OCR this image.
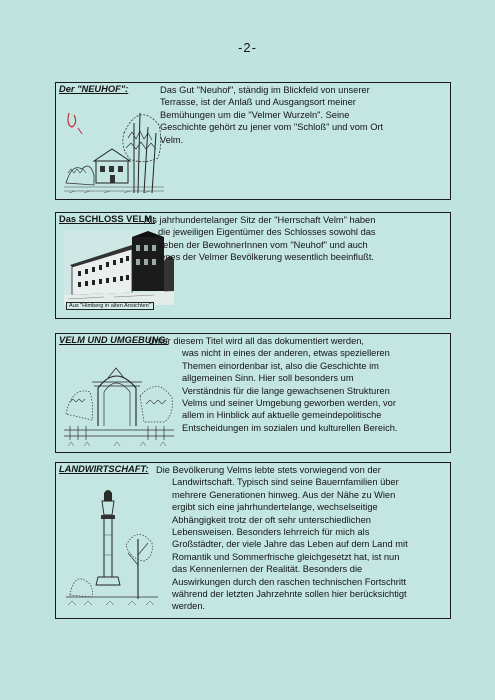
-2-

Der "NEUHOF":	Das Gut "Neuhof", ständig im Blickfeld von unserer
Terrasse, ist der Anlaß und Ausgangsort meiner
Bemühungen um die "Velmer Wurzeln". Seine
Geschichte gehört zu jener vom "Schloß" und vom Ort
Velm.
Das SCHLOSS VELM:
Aus "Himberg in alten Ansichten"
Als jahrhundertelanger Sitz der "Herrschaft Velm" haben
die jeweiligen Eigentümer des Schlosses sowohl das
Leben der BewohnerInnen vom "Neuhof" und auch
jenes der Velmer Bevölkerung wesentlich beeinflußt.
VELM UND UMGEBUNG:
Unter diesem Titel wird all das dokumentiert werden,
was nicht in eines der anderen, etwas spezielleren
Themen einordenbar ist, also die Geschichte im
allgemeinen Sinn. Hier soll besonders um
Verständnis für die lange gewachsenen Strukturen
Velms und seiner Umgebung geworben werden, vor
allem in Hinblick auf aktuelle gemeindepolitische
Entscheidungen im sozialen und kulturellen Bereich.
LANDWIRTSCHAFT: Die Bevölkerung Velms lebte stets vorwiegend von der
Landwirtschaft. Typisch sind seine Bauernfamilien über
mehrere Generationen hinweg. Aus der Nähe zu Wien
ergibt sich eine jahrhundertelange, wechselseitige
Abhängigkeit trotz der oft sehr unterschiedlichen
Lebensweisen. Besonders lehrreich für mich als
Großstädter, der viele Jahre das Leben auf dem Land mit
Romantik und Sommerfrische gleichgesetzt hat, ist nun
das Kennenlernen der Realität. Besonders die
Auswirkungen durch den raschen technischen Fortschritt
während der letzten Jahrzehnte sollen hier berücksichtigt
werden.
